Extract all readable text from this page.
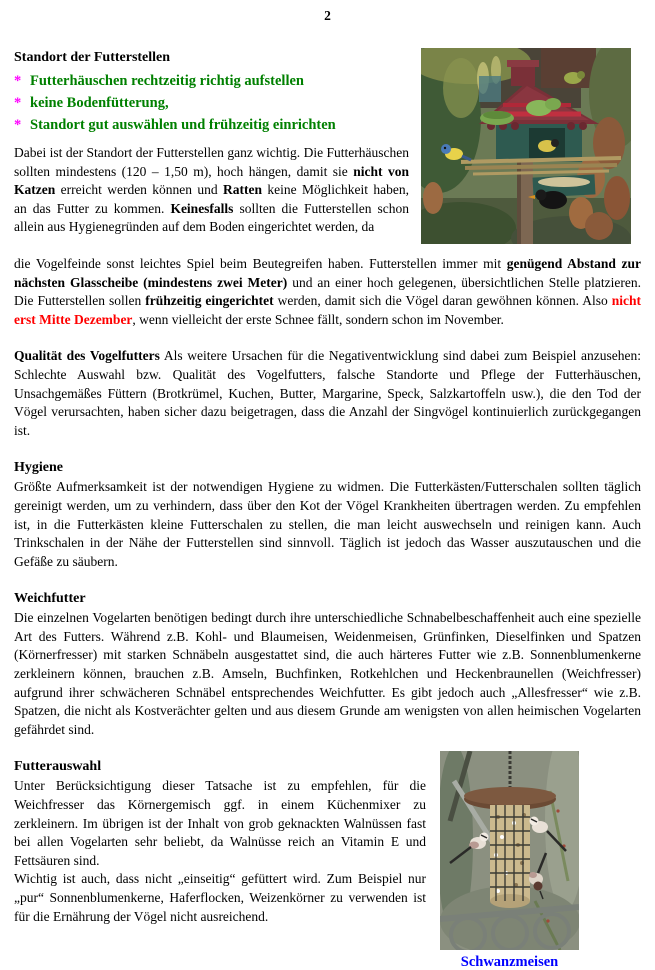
2
Standort der Futterstellen
* Futterhäuschen rechtzeitig richtig aufstellen
* keine Bodenfütterung,
* Standort gut auswählen und frühzeitig einrichten

Dabei ist der Standort der Futterstellen ganz wichtig. Die Futterhäuschen sollten mindestens (120 – 1,50 m), hoch hängen, damit sie nicht von Katzen erreicht werden können und Ratten keine Möglichkeit haben, an das Futter zu kommen. Keinesfalls sollten die Futterstellen schon allein aus Hygienegründen auf dem Boden eingerichtet werden, da

die Vogelfeinde sonst leichtes Spiel beim Beutegreifen haben. Futterstellen immer mit genügend Abstand zur nächsten Glasscheibe (mindestens zwei Meter) und an einer hoch gelegenen, übersichtlichen Stelle platzieren. Die Futterstellen sollen frühzeitig eingerichtet werden, damit sich die Vögel daran gewöhnen können. Also nicht erst Mitte Dezember, wenn vielleicht der erste Schnee fällt, sondern schon im November.

Qualität des Vogelfutters Als weitere Ursachen für die Negativentwicklung sind dabei zum Beispiel anzusehen: Schlechte Auswahl bzw. Qualität des Vogelfutters, falsche Standorte und Pflege der Futterhäuschen, Unsachgemäßes Füttern (Brotkrümel, Kuchen, Butter, Margarine, Speck, Salzkartoffeln usw.), die den Tod der Vögel verursachten, haben sicher dazu beigetragen, dass die Anzahl der Singvögel kontinuierlich zurückgegangen ist.

Hygiene

Größte Aufmerksamkeit ist der notwendigen Hygiene zu widmen. Die Futterkästen/Futterschalen sollten täglich gereinigt werden, um zu verhindern, dass über den Kot der Vögel Krankheiten übertragen werden. Zu empfehlen ist, in die Futterkästen kleine Futterschalen zu stellen, die man leicht auswechseln und reinigen kann. Auch Trinkschalen in der Nähe der Futterstellen sind sinnvoll. Täglich ist jedoch das Wasser auszutauschen und die Gefäße zu säubern.

Weichfutter

Die einzelnen Vogelarten benötigen bedingt durch ihre unterschiedliche Schnabelbeschaffenheit auch eine spezielle Art des Futters. Während z.B. Kohl- und Blaumeisen, Weidenmeisen, Grünfinken, Dieselfinken und Spatzen (Körnerfresser) mit starken Schnäbeln ausgestattet sind, die auch härteres Futter wie z.B. Sonnenblumenkerne zerkleinern können, brauchen z.B. Amseln, Buchfinken, Rotkehlchen und Heckenbraunellen (Weichfresser) aufgrund ihrer schwächeren Schnäbel entsprechendes Weichfutter. Es gibt jedoch auch „Allesfresser“ wie z.B. Spatzen, die nicht als Kostverächter gelten und aus diesem Grunde am wenigsten von allen heimischen Vogelarten gefährdet sind.

Schwanzmeisen
Futterauswahl

Unter Berücksichtigung dieser Tatsache ist zu empfehlen, für die Weichfresser das Körnergemisch ggf. in einem Küchenmixer zu zerkleinern. Im übrigen ist der Inhalt von grob geknackten Walnüssen fast bei allen Vogelarten sehr beliebt, da Walnüsse reich an Vitamin E und Fettsäuren sind.

Wichtig ist auch, dass nicht „einseitig“ gefüttert wird. Zum Beispiel nur „pur“ Sonnenblumenkerne, Haferflocken, Weizenkörner zu verwenden ist für die Ernährung der Vögel nicht ausreichend.
